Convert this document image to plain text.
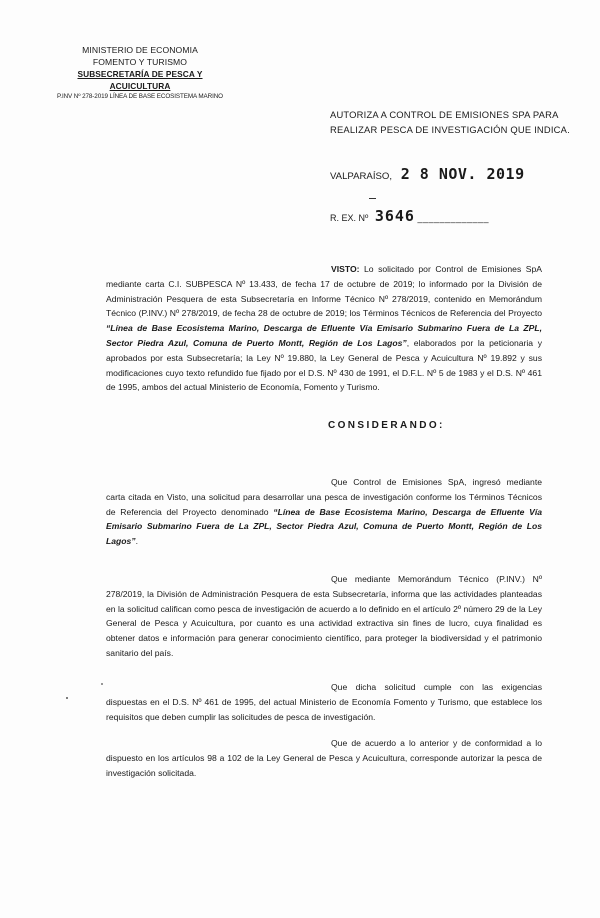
MINISTERIO DE ECONOMIA
FOMENTO Y TURISMO
SUBSECRETARÍA DE PESCA Y ACUICULTURA
P.INV Nº 278-2019 LÍNEA DE BASE ECOSISTEMA MARINO
AUTORIZA A CONTROL DE EMISIONES SPA PARA
REALIZAR PESCA DE INVESTIGACIÓN QUE INDICA.
VALPARAÍSO, 2 8 NOV. 2019
R. EX. Nº 3646 _____________
VISTO: Lo solicitado por Control de Emisiones SpA mediante carta C.I. SUBPESCA Nº 13.433, de fecha 17 de octubre de 2019; lo informado por la División de Administración Pesquera de esta Subsecretaría en Informe Técnico Nº 278/2019, contenido en Memorándum Técnico (P.INV.) Nº 278/2019, de fecha 28 de octubre de 2019; los Términos Técnicos de Referencia del Proyecto “Línea de Base Ecosistema Marino, Descarga de Efluente Vía Emisario Submarino Fuera de La ZPL, Sector Piedra Azul, Comuna de Puerto Montt, Región de Los Lagos”, elaborados por la peticionaria y aprobados por esta Subsecretaría; la Ley Nº 19.880, la Ley General de Pesca y Acuicultura Nº 19.892 y sus modificaciones cuyo texto refundido fue fijado por el D.S. Nº 430 de 1991, el D.F.L. Nº 5 de 1983 y el D.S. Nº 461 de 1995, ambos del actual Ministerio de Economía, Fomento y Turismo.
CONSIDERANDO:
Que Control de Emisiones SpA, ingresó mediante carta citada en Visto, una solicitud para desarrollar una pesca de investigación conforme los Términos Técnicos de Referencia del Proyecto denominado “Línea de Base Ecosistema Marino, Descarga de Efluente Vía Emisario Submarino Fuera de La ZPL, Sector Piedra Azul, Comuna de Puerto Montt, Región de Los Lagos”.
Que mediante Memorándum Técnico (P.INV.) Nº 278/2019, la División de Administración Pesquera de esta Subsecretaría, informa que las actividades planteadas en la solicitud califican como pesca de investigación de acuerdo a lo definido en el artículo 2º número 29 de la Ley General de Pesca y Acuicultura, por cuanto es una actividad extractiva sin fines de lucro, cuya finalidad es obtener datos e información para generar conocimiento científico, para proteger la biodiversidad y el patrimonio sanitario del país.
Que dicha solicitud cumple con las exigencias dispuestas en el D.S. Nº 461 de 1995, del actual Ministerio de Economía Fomento y Turismo, que establece los requisitos que deben cumplir las solicitudes de pesca de investigación.
Que de acuerdo a lo anterior y de conformidad a lo dispuesto en los artículos 98 a 102 de la Ley General de Pesca y Acuicultura, corresponde autorizar la pesca de investigación solicitada.
